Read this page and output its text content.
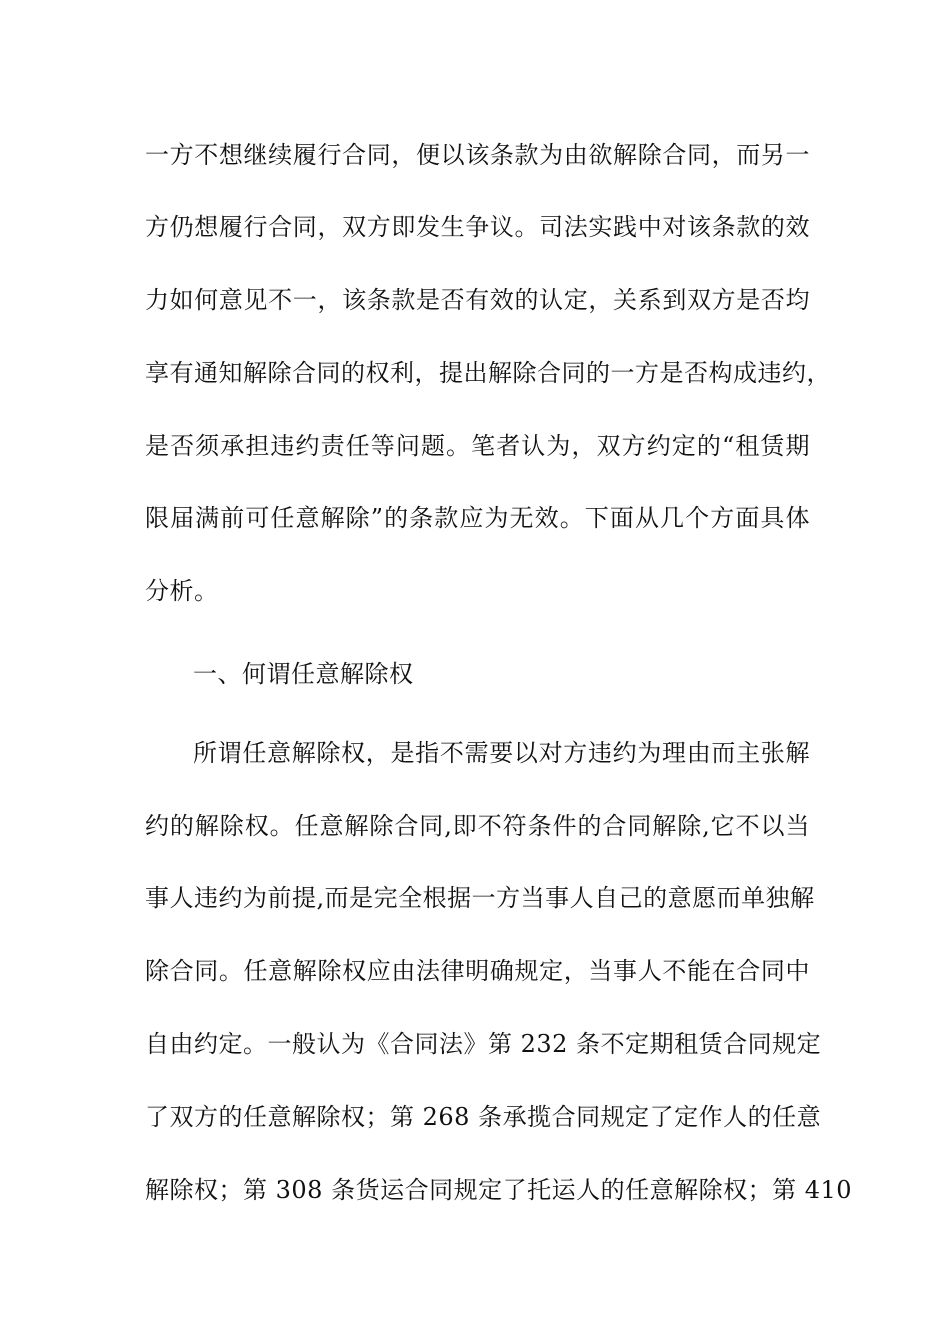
一方不想继续履行合同，便以该条款为由欲解除合同，而另一

方仍想履行合同，双方即发生争议。司法实践中对该条款的效

力如何意见不一，该条款是否有效的认定，关系到双方是否均

享有通知解除合同的权利，提出解除合同的一方是否构成违约，

是否须承担违约责任等问题。笔者认为，双方约定的“租赁期

限届满前可任意解除”的条款应为无效。下面从几个方面具体

分析。

一、何谓任意解除权

所谓任意解除权，是指不需要以对方违约为理由而主张解

约的解除权。任意解除合同,即不符条件的合同解除,它不以当

事人违约为前提,而是完全根据一方当事人自己的意愿而单独解

除合同。任意解除权应由法律明确规定，当事人不能在合同中

自由约定。一般认为《合同法》第 232 条不定期租赁合同规定

了双方的任意解除权；第 268 条承揽合同规定了定作人的任意

解除权；第 308 条货运合同规定了托运人的任意解除权；第 410
